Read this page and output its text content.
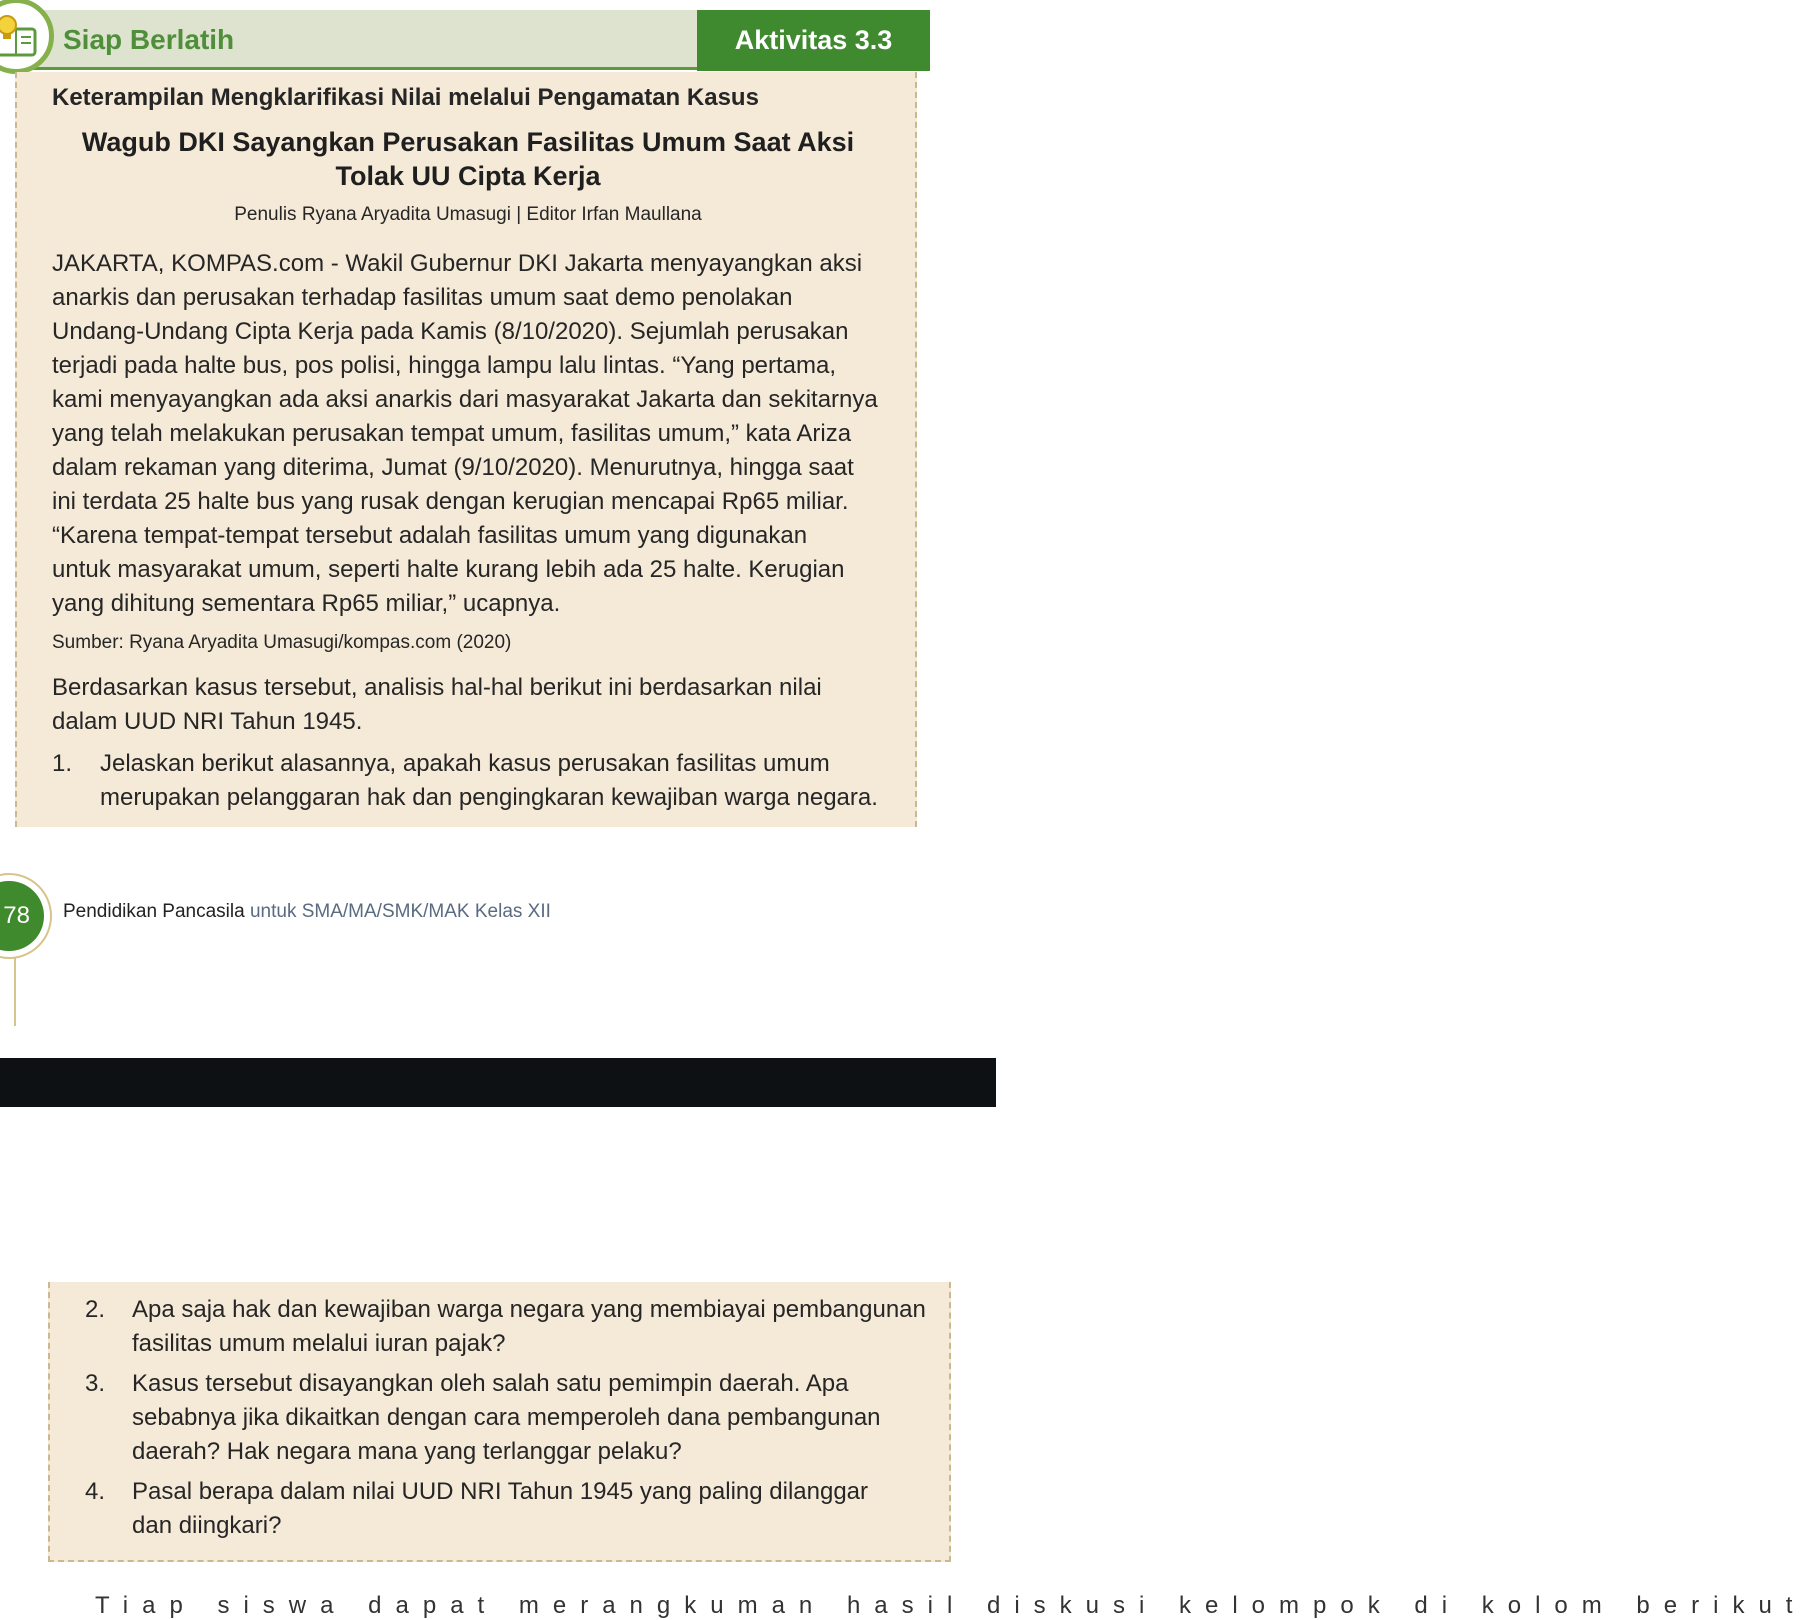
Siap Berlatih	Aktivitas 3.3
Keterampilan Mengklarifikasi Nilai melalui Pengamatan Kasus
Wagub DKI Sayangkan Perusakan Fasilitas Umum Saat Aksi
Tolak UU Cipta Kerja
Penulis Ryana Aryadita Umasugi | Editor Irfan Maullana
JAKARTA, KOMPAS.com - Wakil Gubernur DKI Jakarta menyayangkan aksi
anarkis dan perusakan terhadap fasilitas umum saat demo penolakan
Undang-Undang Cipta Kerja pada Kamis (8/10/2020). Sejumlah perusakan
terjadi pada halte bus, pos polisi, hingga lampu lalu lintas. “Yang pertama,
kami menyayangkan ada aksi anarkis dari masyarakat Jakarta dan sekitarnya
yang telah melakukan perusakan tempat umum, fasilitas umum,” kata Ariza
dalam rekaman yang diterima, Jumat (9/10/2020). Menurutnya, hingga saat
ini terdata 25 halte bus yang rusak dengan kerugian mencapai Rp65 miliar.
“Karena tempat-tempat tersebut adalah fasilitas umum yang digunakan
untuk masyarakat umum, seperti halte kurang lebih ada 25 halte. Kerugian
yang dihitung sementara Rp65 miliar,” ucapnya.
Sumber: Ryana Aryadita Umasugi/kompas.com (2020)
Berdasarkan kasus tersebut, analisis hal-hal berikut ini berdasarkan nilai
dalam UUD NRI Tahun 1945.
1. Jelaskan berikut alasannya, apakah kasus perusakan fasilitas umum
merupakan pelanggaran hak dan pengingkaran kewajiban warga negara.
78 Pendidikan Pancasila untuk SMA/MA/SMK/MAK Kelas XII
2. Apa saja hak dan kewajiban warga negara yang membiayai pembangunan
fasilitas umum melalui iuran pajak?
3. Kasus tersebut disayangkan oleh salah satu pemimpin daerah. Apa
sebabnya jika dikaitkan dengan cara memperoleh dana pembangunan
daerah? Hak negara mana yang terlanggar pelaku?
4. Pasal berapa dalam nilai UUD NRI Tahun 1945 yang paling dilanggar
dan diingkari?
Tiap siswa dapat merangkuman hasil diskusi kelompok di kolom berikut
